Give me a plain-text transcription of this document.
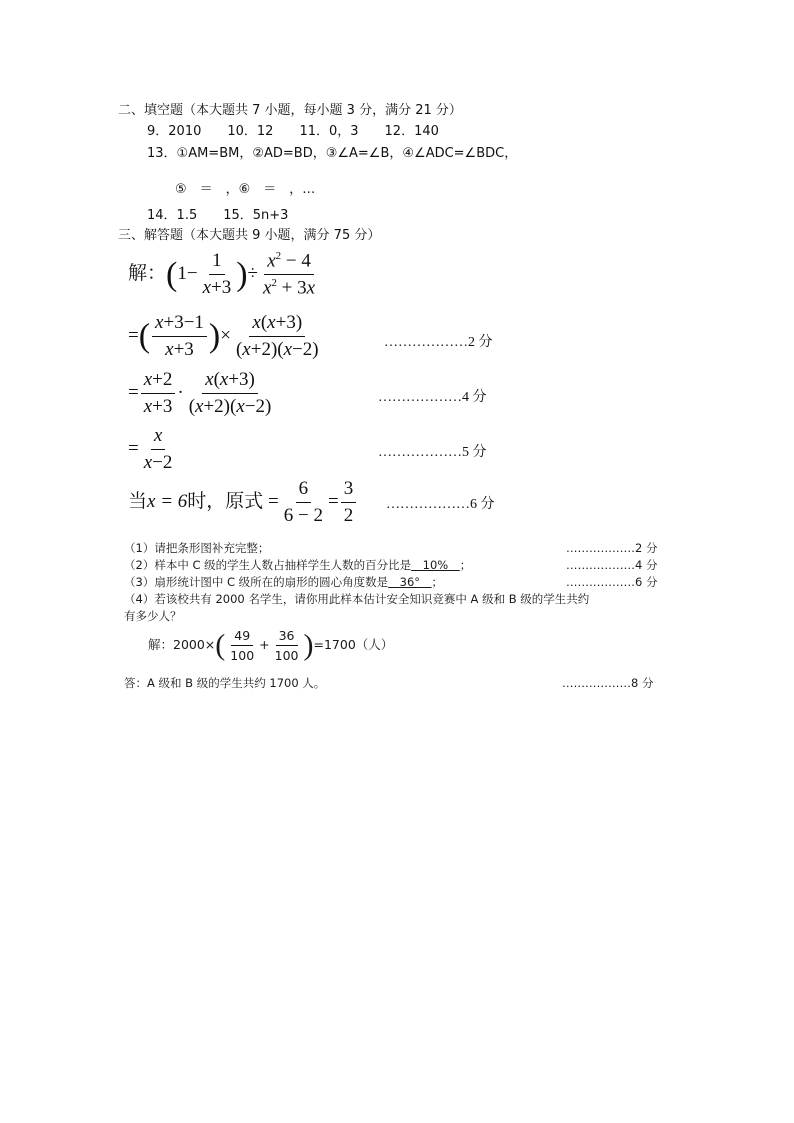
二、填空题（本大题共 7 小题，每小题 3 分，满分 21 分）
9．2010　　10．12　　11．0，3　　12．140
13．①AM=BM，②AD=BD，③∠A=∠B，④∠ADC=∠BDC，
⑤　＝　，⑥　＝　，…
14．1.5　　15．5n+3
三、解答题（本大题共 9 小题，满分 75 分）
解：($1- \frac{1}{x+3}$ )÷ $\frac{x^2 - 4}{x^2 + 3x}$
=( $\frac{x+3-1}{x+3}$ )× $\frac{x(x+3)}{(x+2)(x-2)}$	………………2 分
= $\frac{x+2}{x+3} \cdot \frac{x(x+3)}{(x+2)(x-2)}$	………………4 分
= $\frac{x}{x-2}$	………………5 分
当x = 6时，原式 = $\frac{6}{6 - 2} = \frac{3}{2}$ ………………6 分
（1）请把条形图补充完整；	………………2 分
（2）样本中 C 级的学生人数占抽样学生人数的百分比是　10%　；	………………4 分
（3）扇形统计图中 C 级所在的扇形的圆心角度数是　36°　；	………………6 分
（4）若该校共有 2000 名学生，请你用此样本估计安全知识竞赛中 A 级和 B 级的学生共约
有多少人？
解：$2000\times( \frac{49}{100} + \frac{36}{100} )=1700$（人）
答：A 级和 B 级的学生共约 1700 人。	………………8 分
